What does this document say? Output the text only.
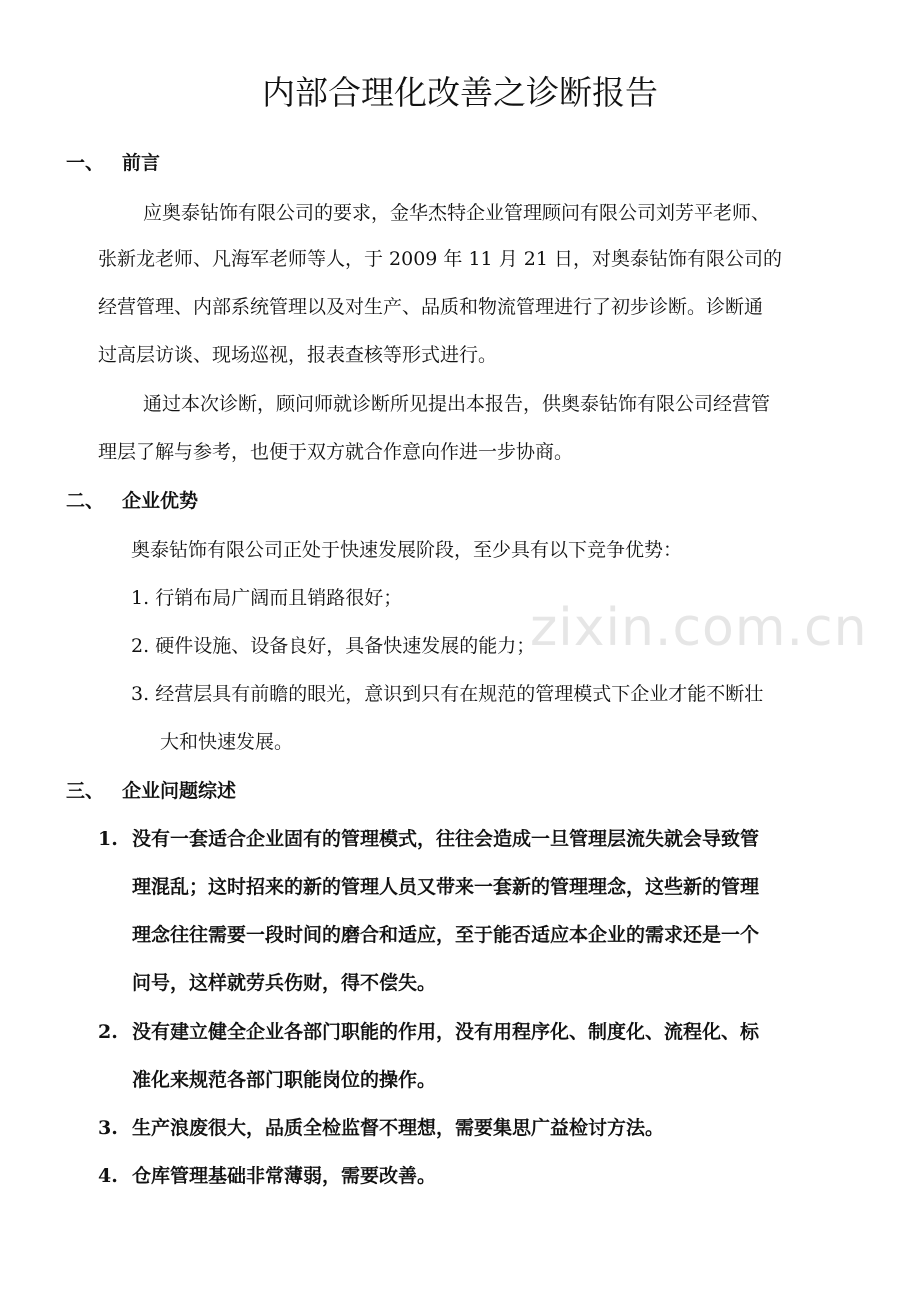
zixin.com.cn
内部合理化改善之诊断报告
一、 前言
应奥泰钻饰有限公司的要求，金华杰特企业管理顾问有限公司刘芳平老师、
张新龙老师、凡海军老师等人，于 2009 年 11 月 21 日，对奥泰钻饰有限公司的
经营管理、内部系统管理以及对生产、品质和物流管理进行了初步诊断。诊断通
过高层访谈、现场巡视，报表查核等形式进行。
通过本次诊断，顾问师就诊断所见提出本报告，供奥泰钻饰有限公司经营管
理层了解与参考，也便于双方就合作意向作进一步协商。
二、 企业优势
奥泰钻饰有限公司正处于快速发展阶段，至少具有以下竞争优势：
1. 行销布局广阔而且销路很好；
2. 硬件设施、设备良好，具备快速发展的能力；
3. 经营层具有前瞻的眼光，意识到只有在规范的管理模式下企业才能不断壮
大和快速发展。
三、 企业问题综述
1. 没有一套适合企业固有的管理模式，往往会造成一旦管理层流失就会导致管
理混乱；这时招来的新的管理人员又带来一套新的管理理念，这些新的管理
理念往往需要一段时间的磨合和适应，至于能否适应本企业的需求还是一个
问号，这样就劳兵伤财，得不偿失。
2. 没有建立健全企业各部门职能的作用，没有用程序化、制度化、流程化、标
准化来规范各部门职能岗位的操作。
3. 生产浪废很大，品质全检监督不理想，需要集思广益检讨方法。
4. 仓库管理基础非常薄弱，需要改善。
